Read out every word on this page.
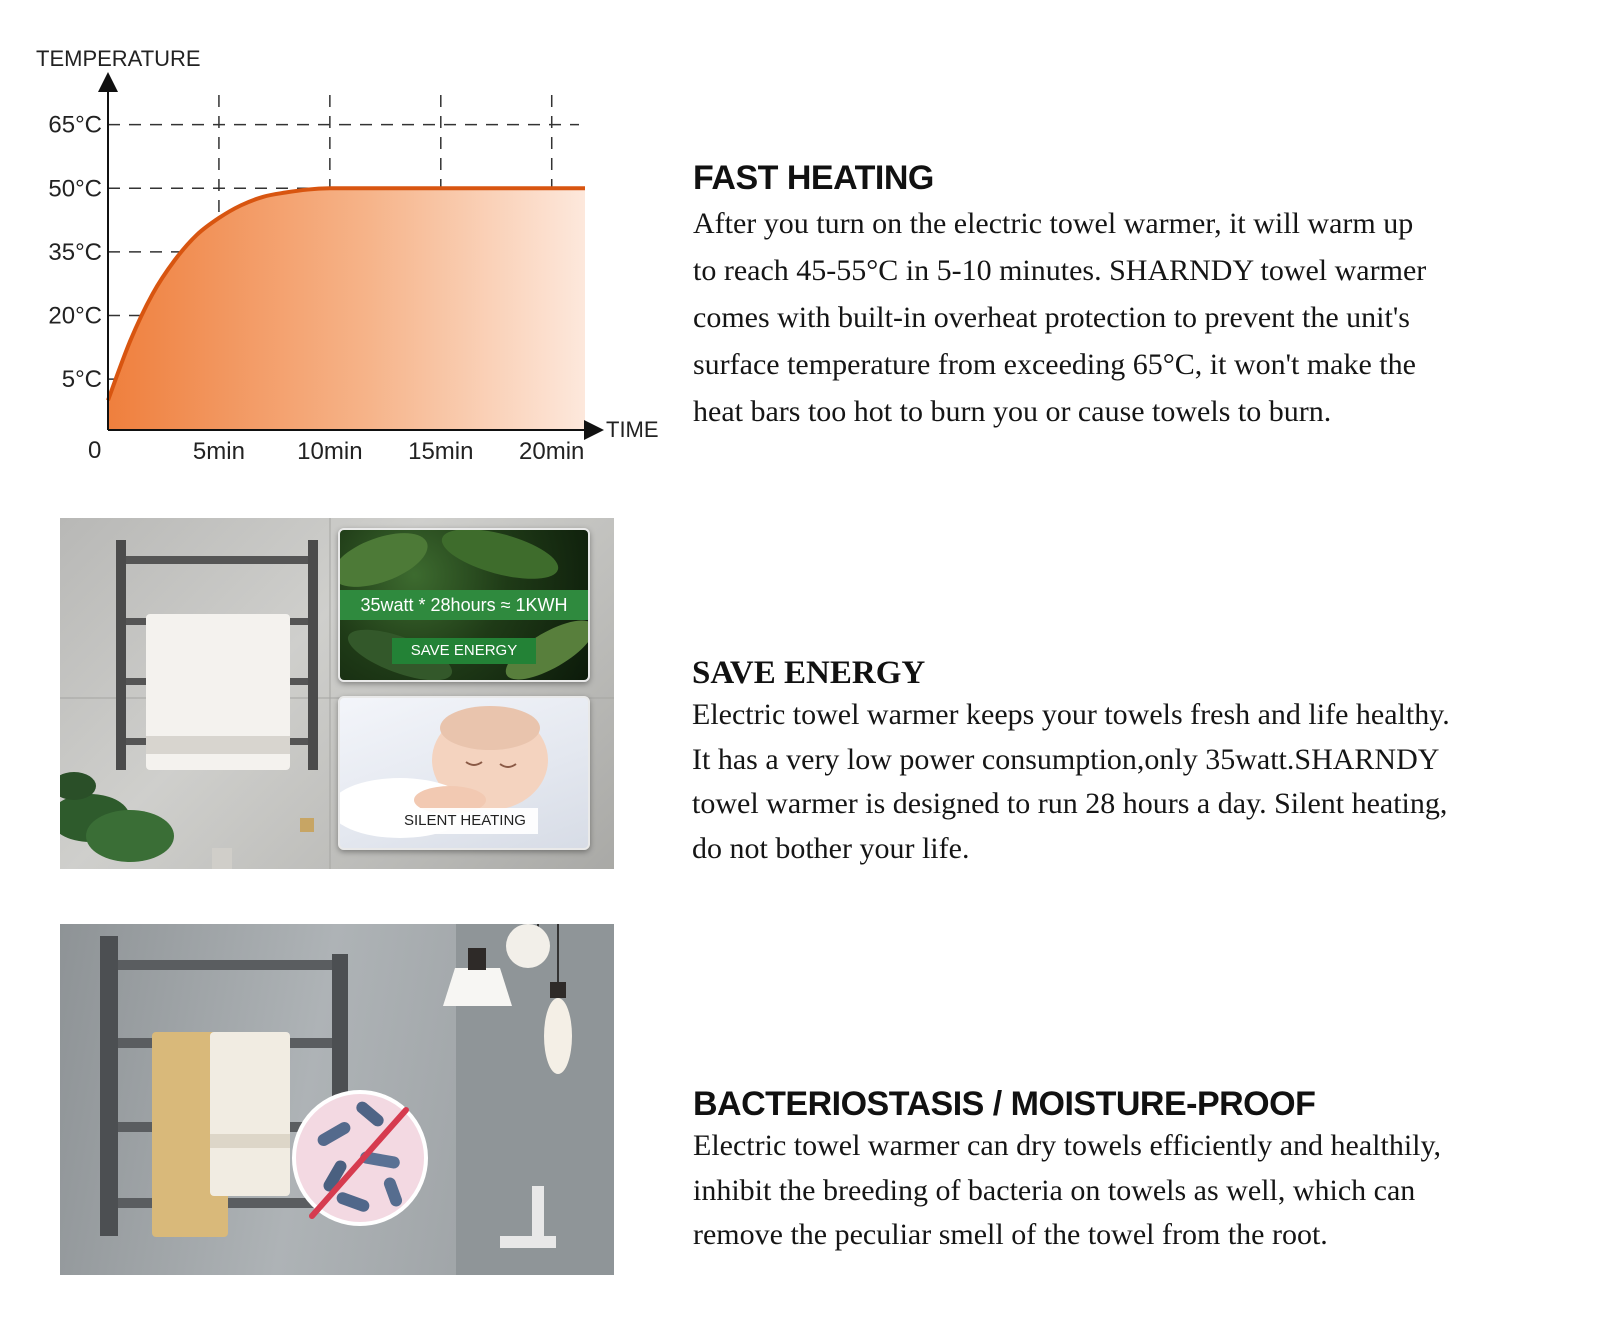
TEMPERATURE
TIME
0
5°C
20°C
35°C
50°C
65°C
5min 10min 15min 20min
FAST HEATING

After you turn on the electric towel warmer, it will warm up
to reach 45-55°C in 5-10 minutes. SHARNDY towel warmer
comes with built-in overheat protection to prevent the unit's
surface temperature from exceeding 65°C, it won't make the
heat bars too hot to burn you or cause towels to burn.

35watt * 28hours ≈ 1KWH
SAVE ENERGY
SILENT HEATING
SAVE ENERGY

Electric towel warmer keeps your towels fresh and life healthy.
It has a very low power consumption,only 35watt.SHARNDY
towel warmer is designed to run 28 hours a day. Silent heating,
do not bother your life.

BACTERIOSTASIS / MOISTURE-PROOF

Electric towel warmer can dry towels efficiently and healthily,
inhibit the breeding of bacteria on towels as well, which can
remove the peculiar smell of the towel from the root.
